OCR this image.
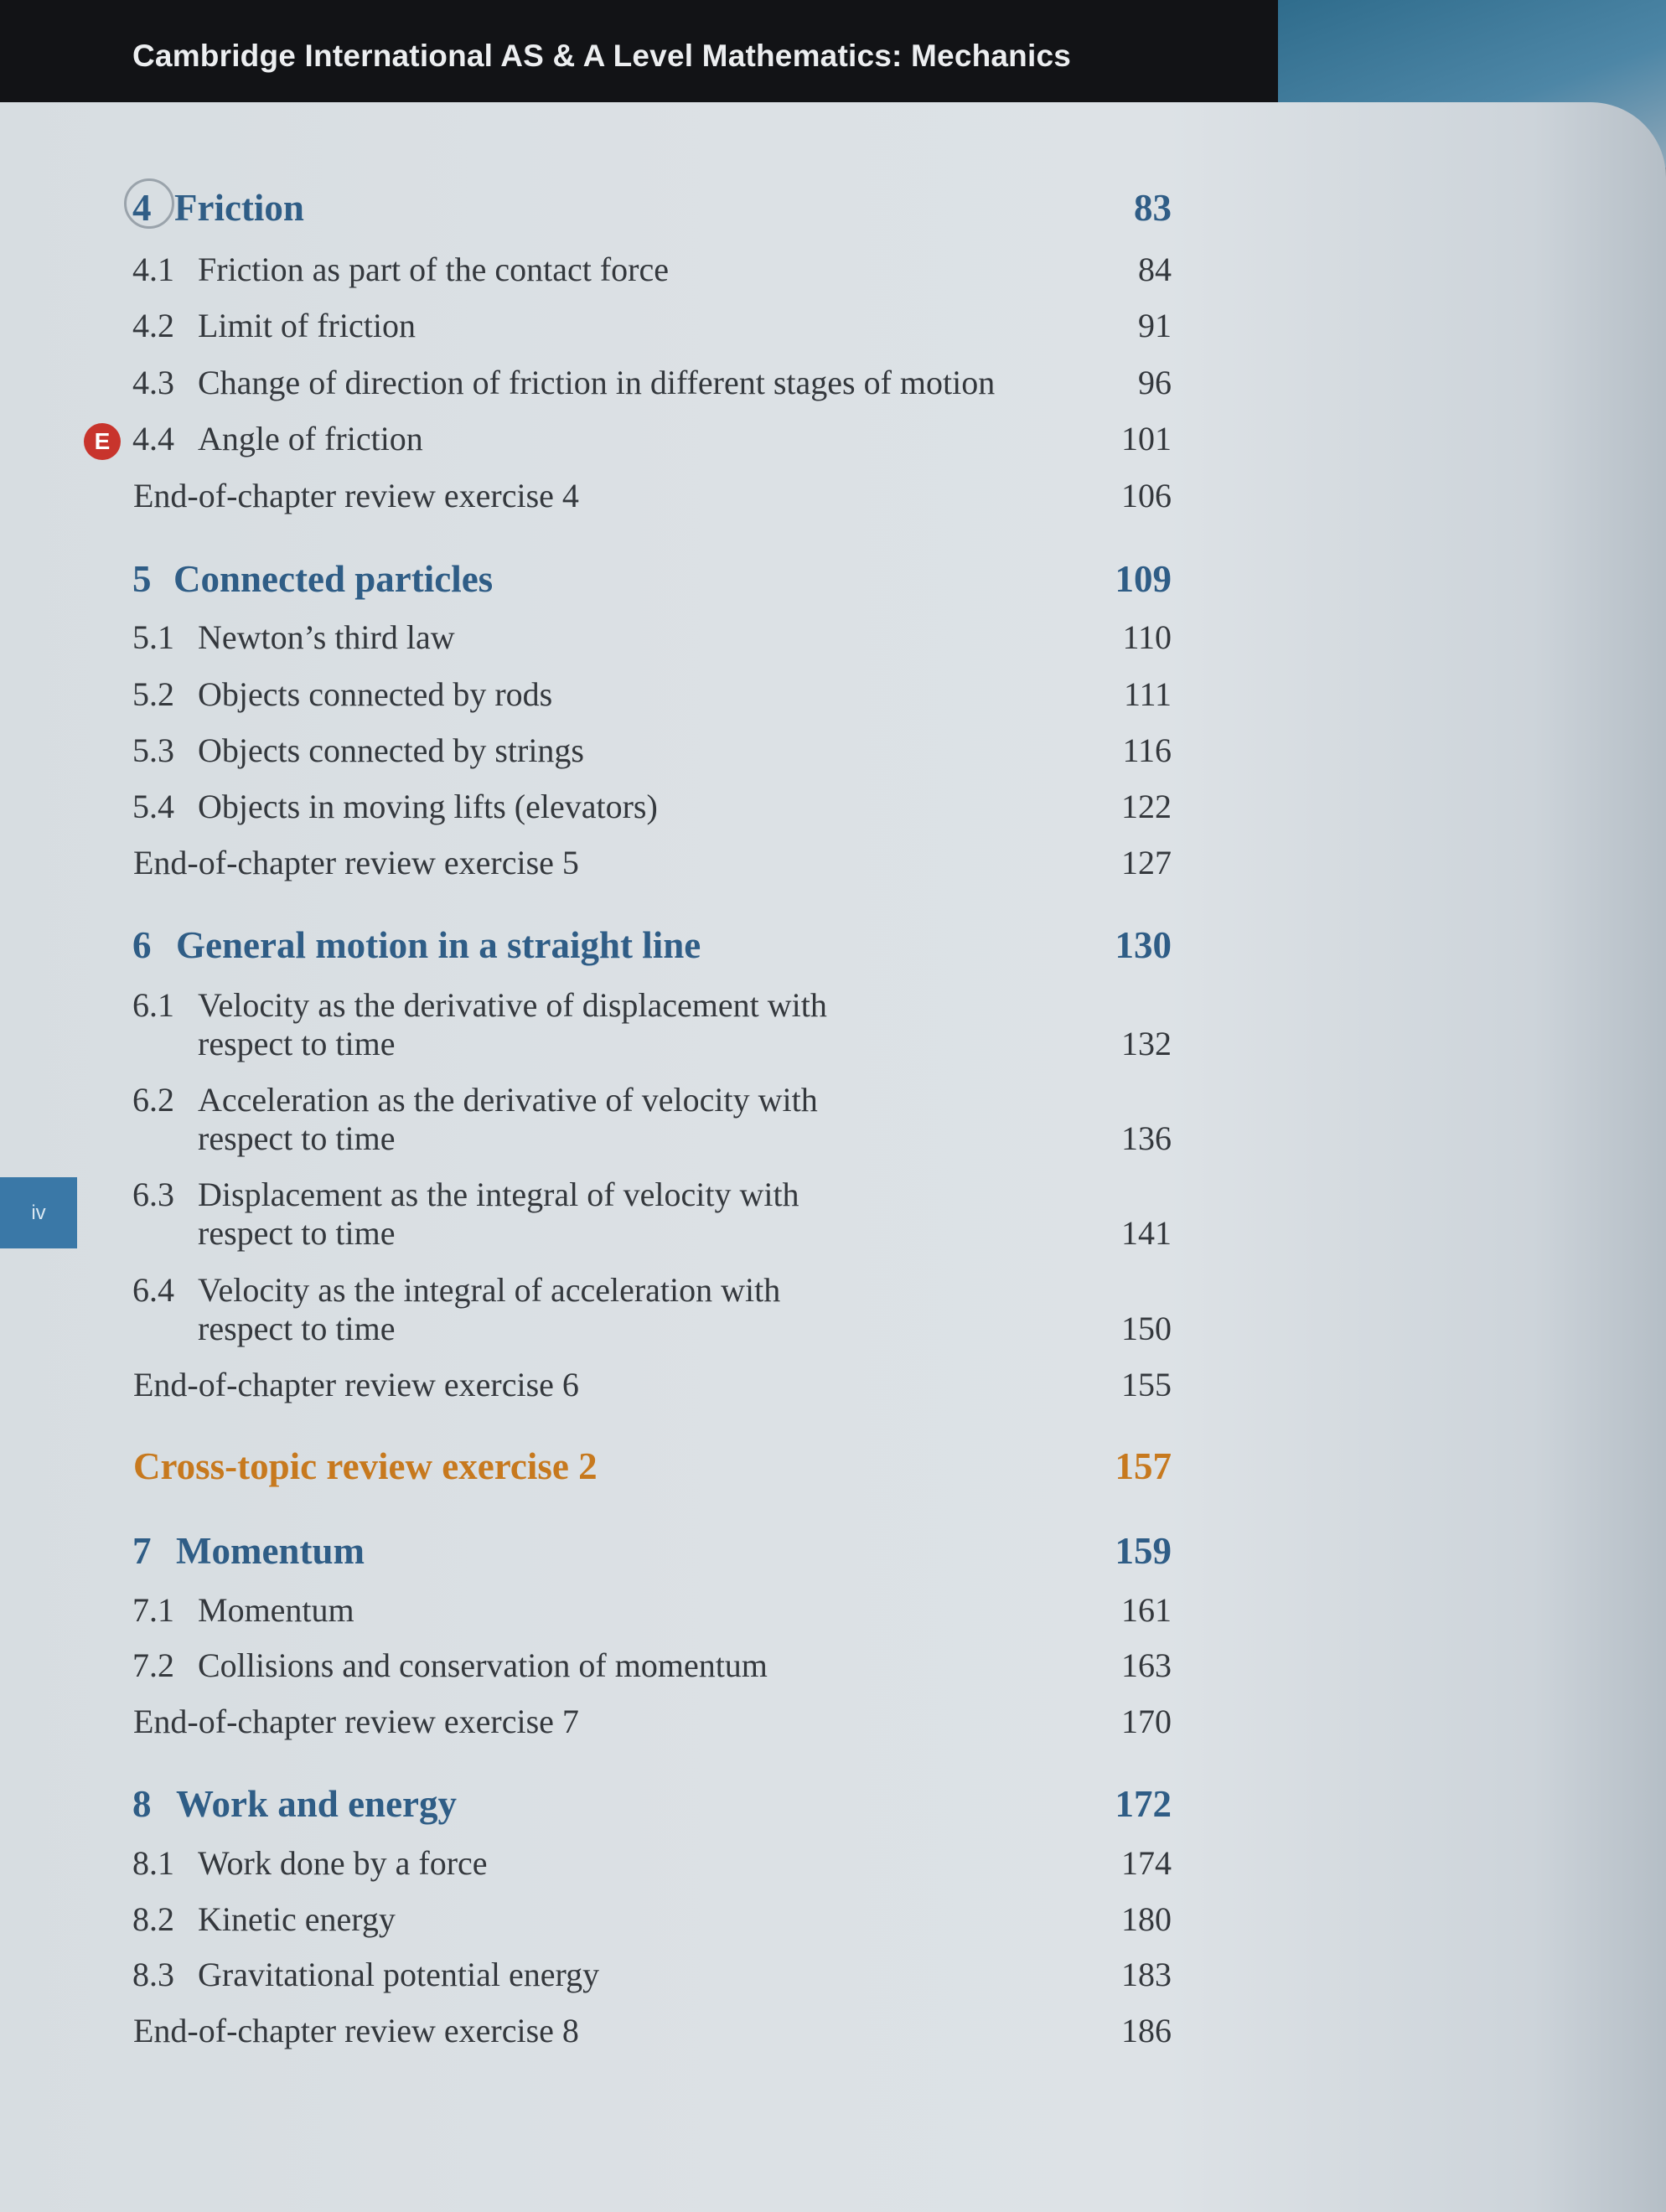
Cambridge International AS & A Level Mathematics: Mechanics
iv
4 Friction	83
4.1 Friction as part of the contact force	84
4.2 Limit of friction	91
4.3 Change of direction of friction in different stages of motion	96
E 4.4 Angle of friction	101
End-of-chapter review exercise 4	106
5 Connected particles	109
5.1 Newton’s third law	110
5.2 Objects connected by rods	111
5.3 Objects connected by strings	116
5.4 Objects in moving lifts (elevators)	122
End-of-chapter review exercise 5	127
6 General motion in a straight line	130
6.1 Velocity as the derivative of displacement with
respect to time	132
6.2 Acceleration as the derivative of velocity with
respect to time	136
6.3 Displacement as the integral of velocity with
respect to time	141
6.4 Velocity as the integral of acceleration with
respect to time	150
End-of-chapter review exercise 6	155
Cross-topic review exercise 2	157
7 Momentum	159
7.1 Momentum	161
7.2 Collisions and conservation of momentum	163
End-of-chapter review exercise 7	170
8 Work and energy	172
8.1 Work done by a force	174
8.2 Kinetic energy	180
8.3 Gravitational potential energy	183
End-of-chapter review exercise 8	186
